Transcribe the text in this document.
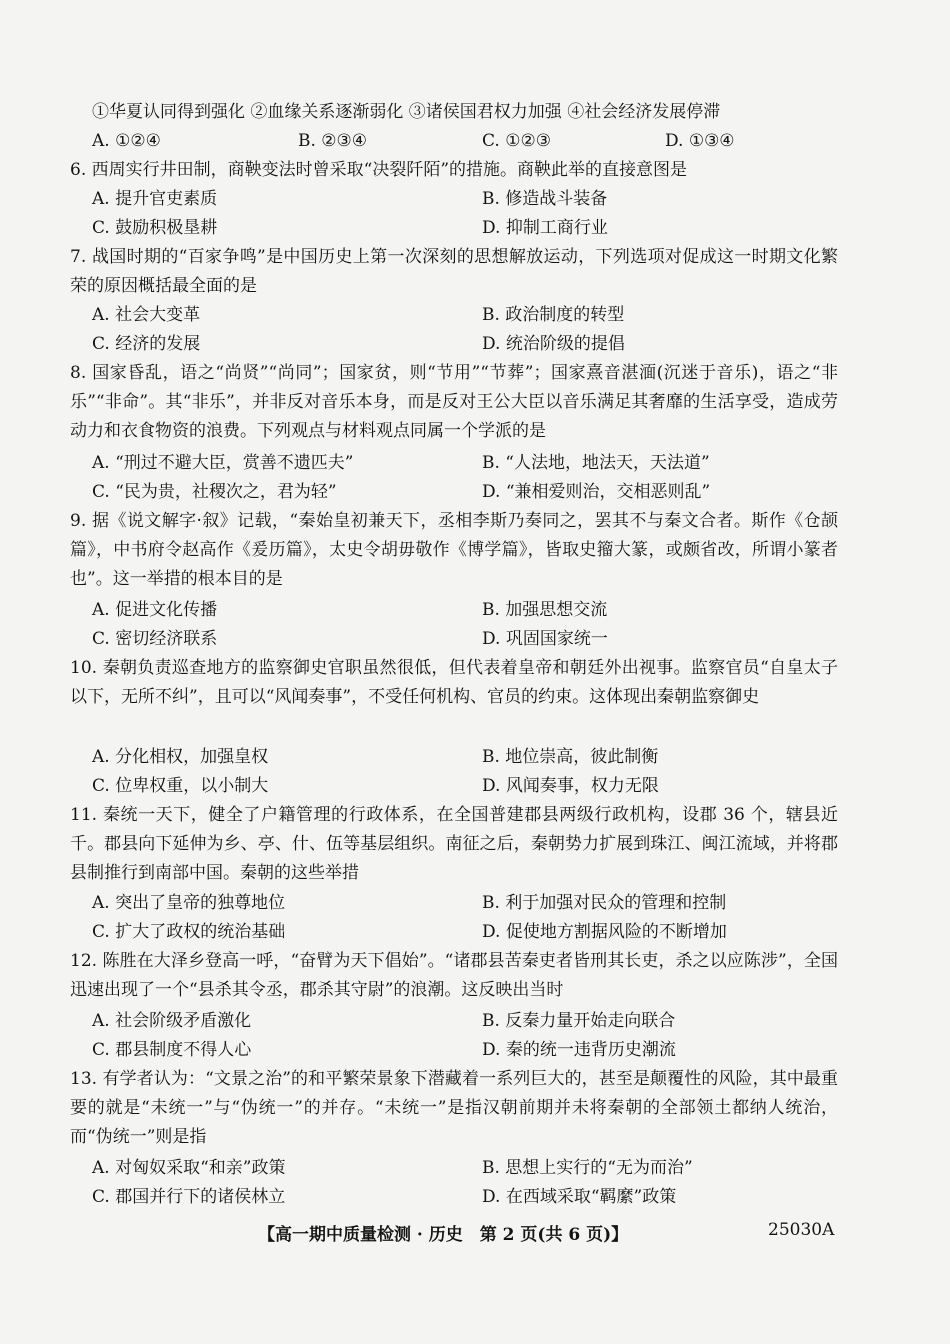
①华夏认同得到强化 ②血缘关系逐渐弱化 ③诸侯国君权力加强 ④社会经济发展停滞

A. ①②④	B. ②③④	C. ①②③	D. ①③④

6. 西周实行井田制，商鞅变法时曾采取“决裂阡陌”的措施。商鞅此举的直接意图是

A. 提升官吏素质	B. 修造战斗装备

C. 鼓励积极垦耕	D. 抑制工商行业

7. 战国时期的“百家争鸣”是中国历史上第一次深刻的思想解放运动，下列选项对促成这一时期文化繁荣的原因概括最全面的是

A. 社会大变革	B. 政治制度的转型

C. 经济的发展	D. 统治阶级的提倡

8. 国家昏乱，语之“尚贤”“尚同”；国家贫，则“节用”“节葬”；国家熹音湛湎(沉迷于音乐)，语之“非乐”“非命”。其“非乐”，并非反对音乐本身，而是反对王公大臣以音乐满足其奢靡的生活享受，造成劳动力和衣食物资的浪费。下列观点与材料观点同属一个学派的是

A. “刑过不避大臣，赏善不遗匹夫”	B. “人法地，地法天，天法道”

C. “民为贵，社稷次之，君为轻”	D. “兼相爱则治，交相恶则乱”

9. 据《说文解字·叙》记载，“秦始皇初兼天下，丞相李斯乃奏同之，罢其不与秦文合者。斯作《仓颉篇》，中书府令赵高作《爰历篇》，太史令胡毋敬作《博学篇》，皆取史籀大篆，或颇省改，所谓小篆者也”。这一举措的根本目的是

A. 促进文化传播	B. 加强思想交流

C. 密切经济联系	D. 巩固国家统一

10. 秦朝负责巡查地方的监察御史官职虽然很低，但代表着皇帝和朝廷外出视事。监察官员“自皇太子以下，无所不纠”，且可以“风闻奏事”，不受任何机构、官员的约束。这体现出秦朝监察御史

A. 分化相权，加强皇权	B. 地位崇高，彼此制衡

C. 位卑权重，以小制大	D. 风闻奏事，权力无限

11. 秦统一天下，健全了户籍管理的行政体系，在全国普建郡县两级行政机构，设郡 36 个，辖县近千。郡县向下延伸为乡、亭、什、伍等基层组织。南征之后，秦朝势力扩展到珠江、闽江流域，并将郡县制推行到南部中国。秦朝的这些举措

A. 突出了皇帝的独尊地位	B. 利于加强对民众的管理和控制

C. 扩大了政权的统治基础	D. 促使地方割据风险的不断增加

12. 陈胜在大泽乡登高一呼，“奋臂为天下倡始”。“诸郡县苦秦吏者皆刑其长吏，杀之以应陈涉”，全国迅速出现了一个“县杀其令丞，郡杀其守尉”的浪潮。这反映出当时

A. 社会阶级矛盾激化	B. 反秦力量开始走向联合

C. 郡县制度不得人心	D. 秦的统一违背历史潮流

13. 有学者认为：“文景之治”的和平繁荣景象下潜藏着一系列巨大的，甚至是颠覆性的风险，其中最重要的就是“未统一”与“伪统一”的并存。“未统一”是指汉朝前期并未将秦朝的全部领土都纳人统治，而“伪统一”则是指

A. 对匈奴采取“和亲”政策	B. 思想上实行的“无为而治”

C. 郡国并行下的诸侯林立	D. 在西域采取“羁縻”政策

【高一期中质量检测 · 历史　第 2 页(共 6 页)】	25030A
